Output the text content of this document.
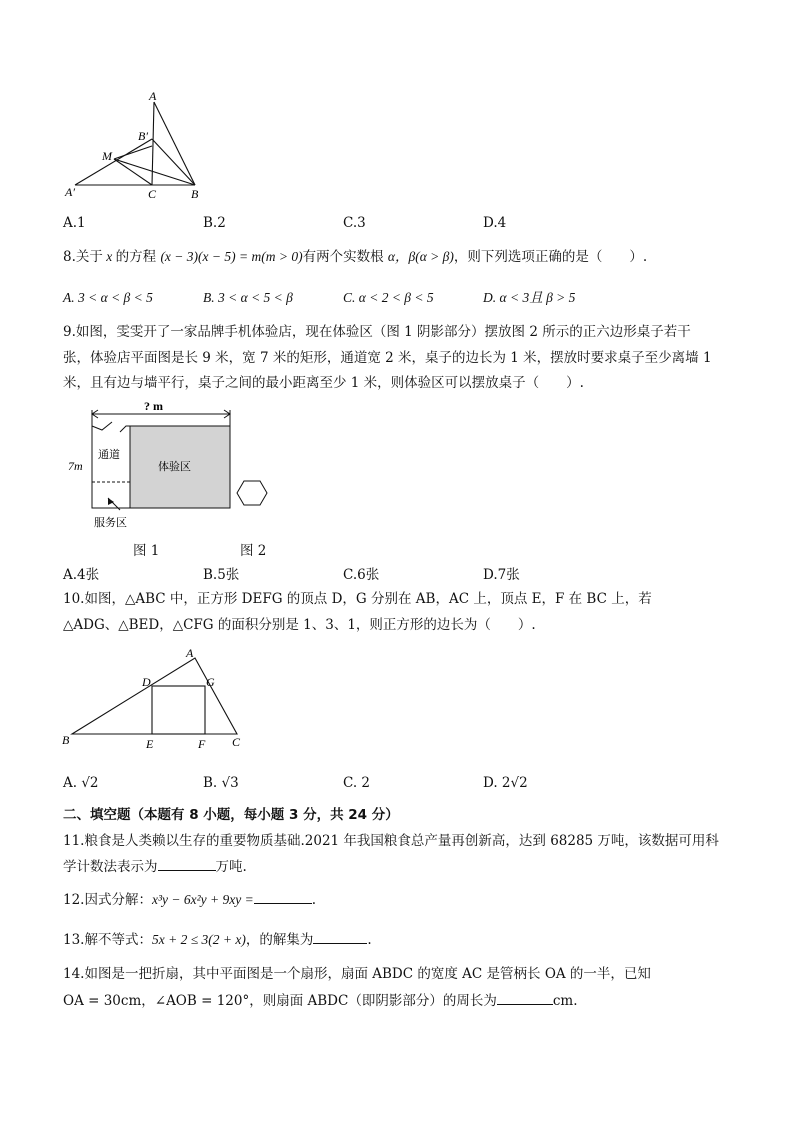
A
B′
M
A′	C	B
A.1	B.2	C.3	D.4
8.关于 x 的方程 (x − 3)(x − 5) = m(m > 0)有两个实数根 α，β(α > β)，则下列选项正确的是（　　）.
A. 3 < α < β < 5	B. 3 < α < 5 < β	C. α < 2 < β < 5	D. α < 3且 β > 5
9.如图，雯雯开了一家品牌手机体验店，现在体验区（图 1 阴影部分）摆放图 2 所示的正六边形桌子若干
张，体验店平面图是长 9 米，宽 7 米的矩形，通道宽 2 米，桌子的边长为 1 米，摆放时要求桌子至少离墙 1
米，且有边与墙平行，桌子之间的最小距离至少 1 米，则体验区可以摆放桌子（　　）.
? m
7m
通道
体验区
服务区
图 1	图 2
A.4张	B.5张	C.6张	D.7张
10.如图，△ABC 中，正方形 DEFG 的顶点 D，G 分别在 AB，AC 上，顶点 E，F 在 BC 上，若
△ADG、△BED，△CFG 的面积分别是 1、3、1，则正方形的边长为（　　）.
A
D	G
B	E	F C
A. √2	B. √3	C. 2	D. 2√2
二、填空题（本题有 8 小题，每小题 3 分，共 24 分）
11.粮食是人类赖以生存的重要物质基础.2021 年我国粮食总产量再创新高，达到 68285 万吨，该数据可用科
学计数法表示为	万吨.
12.因式分解：x³y − 6x²y + 9xy =	.
13.解不等式：5x + 2 ≤ 3(2 + x)，的解集为	.
14.如图是一把折扇，其中平面图是一个扇形，扇面 ABDC 的宽度 AC 是管柄长 OA 的一半，已知
OA = 30cm，∠AOB = 120°，则扇面 ABDC（即阴影部分）的周长为	cm.
